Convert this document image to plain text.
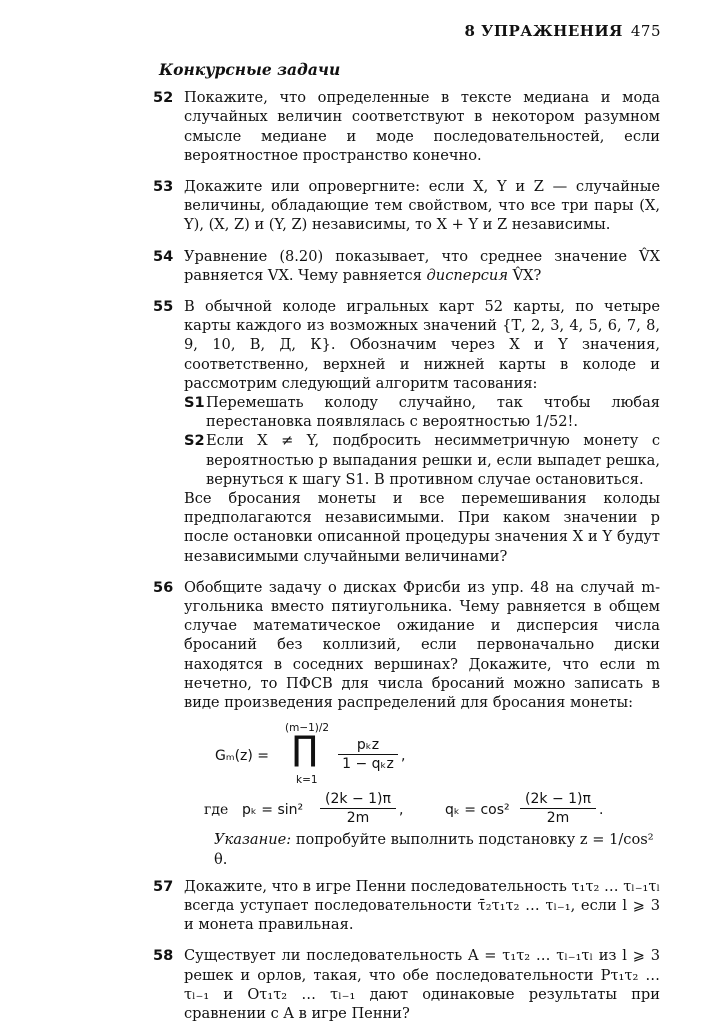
8 УПРАЖНЕНИЯ 475
Конкурсные задачи
52 Покажите, что определенные в тексте медиана и мода случайных величин соответствуют в некотором разумном смысле медиане и моде последовательностей, если вероятностное пространство конечно.
53 Докажите или опровергните: если X, Y и Z — случайные величины, обладающие тем свойством, что все три пары (X, Y), (X, Z) и (Y, Z) независимы, то X + Y и Z независимы.
54 Уравнение (8.20) показывает, что среднее значение V̂X равняется VX. Чему равняется дисперсия V̂X?
55 В обычной колоде игральных карт 52 карты, по четыре карты каждого из возможных значений {Т, 2, 3, 4, 5, 6, 7, 8, 9, 10, В, Д, К}. Обозначим через X и Y значения, соответственно, верхней и нижней карты в колоде и рассмотрим следующий алгоритм тасования:
S1 Перемешать колоду случайно, так чтобы любая перестановка появлялась с вероятностью 1/52!.
S2 Если X ≠ Y, подбросить несимметричную монету с вероятностью p выпадания решки и, если выпадет решка, вернуться к шагу S1. В противном случае остановиться.
Все бросания монеты и все перемешивания колоды предполагаются независимыми. При каком значении p после остановки описанной процедуры значения X и Y будут независимыми случайными величинами?
56 Обобщите задачу о дисках Фрисби из упр. 48 на случай m-угольника вместо пятиугольника. Чему равняется в общем случае математическое ожидание и дисперсия числа бросаний без коллизий, если первоначально диски находятся в соседних вершинах? Докажите, что если m нечетно, то ПФСВ для числа бросаний можно записать в виде произведения распределений для бросания монеты:
Gₘ(z) =
(m−1)/2
∏
k=1
pₖz
1 − qₖz ,
где pₖ = sin²
(2k − 1)π
2m	,	qₖ = cos²
(2k − 1)π
2m	.
Указание: попробуйте выполнить подстановку z = 1/cos² θ.
57 Докажите, что в игре Пенни последовательность τ₁τ₂ … τₗ₋₁τₗ всегда уступает последовательности τ̄₂τ₁τ₂ … τₗ₋₁, если l ⩾ 3 и монета правильная.
58 Существует ли последовательность A = τ₁τ₂ … τₗ₋₁τₗ из l ⩾ 3 решек и орлов, такая, что обе последовательности Pτ₁τ₂ … τₗ₋₁ и Oτ₁τ₂ … τₗ₋₁ дают одинаковые результаты при сравнении с A в игре Пенни?
